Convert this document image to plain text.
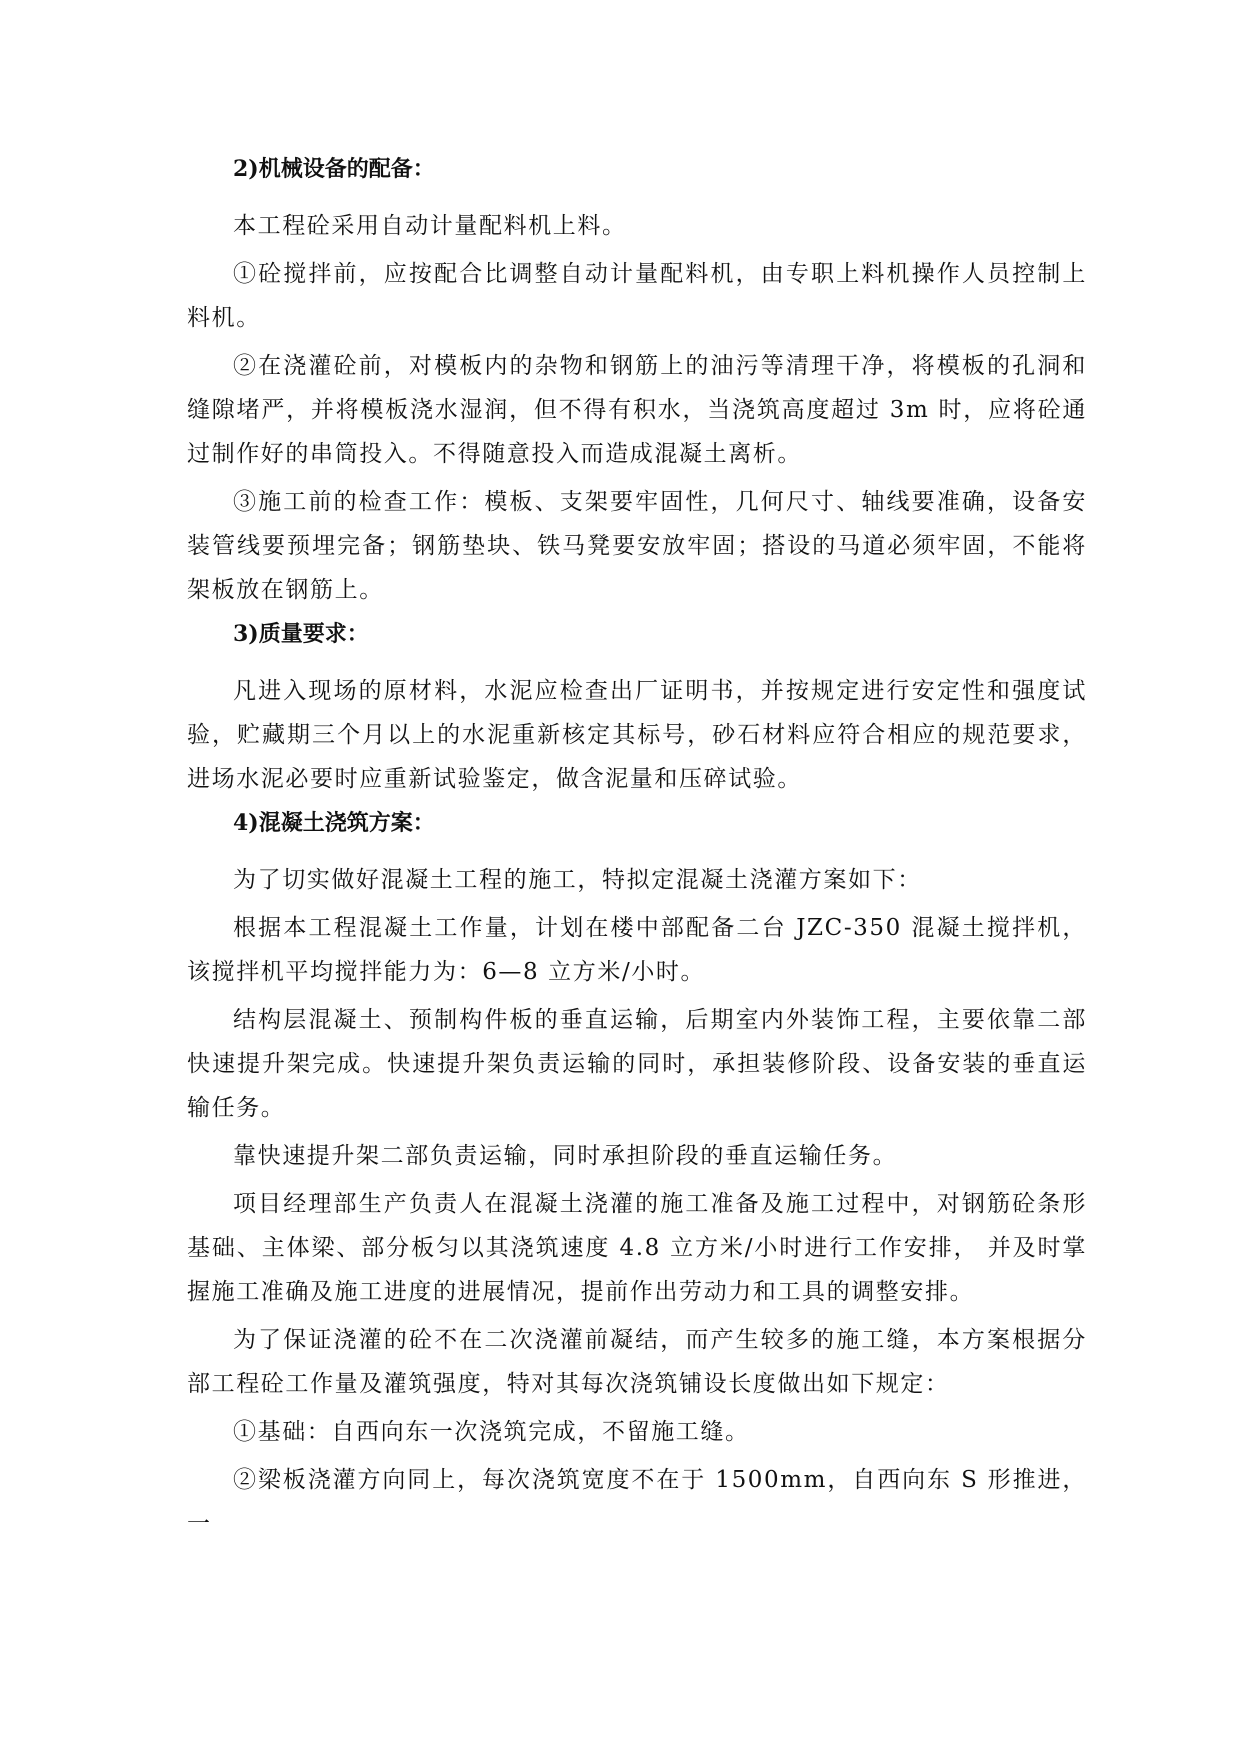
2)机械设备的配备：

本工程砼采用自动计量配料机上料。

①砼搅拌前，应按配合比调整自动计量配料机，由专职上料机操作人员控制上料机。

②在浇灌砼前，对模板内的杂物和钢筋上的油污等清理干净，将模板的孔洞和缝隙堵严，并将模板浇水湿润，但不得有积水，当浇筑高度超过 3m 时，应将砼通过制作好的串筒投入。不得随意投入而造成混凝土离析。

③施工前的检查工作：模板、支架要牢固性，几何尺寸、轴线要准确，设备安装管线要预埋完备；钢筋垫块、铁马凳要安放牢固；搭设的马道必须牢固，不能将架板放在钢筋上。

3)质量要求：

凡进入现场的原材料，水泥应检查出厂证明书，并按规定进行安定性和强度试验，贮藏期三个月以上的水泥重新核定其标号，砂石材料应符合相应的规范要求，进场水泥必要时应重新试验鉴定，做含泥量和压碎试验。

4)混凝土浇筑方案：

为了切实做好混凝土工程的施工，特拟定混凝土浇灌方案如下：

根据本工程混凝土工作量，计划在楼中部配备二台 JZC-350 混凝土搅拌机，该搅拌机平均搅拌能力为：6—8 立方米/小时。

结构层混凝土、预制构件板的垂直运输，后期室内外装饰工程，主要依靠二部快速提升架完成。快速提升架负责运输的同时，承担装修阶段、设备安装的垂直运输任务。

靠快速提升架二部负责运输，同时承担阶段的垂直运输任务。

项目经理部生产负责人在混凝土浇灌的施工准备及施工过程中，对钢筋砼条形基础、主体梁、部分板匀以其浇筑速度 4.8 立方米/小时进行工作安排， 并及时掌握施工准确及施工进度的进展情况，提前作出劳动力和工具的调整安排。

为了保证浇灌的砼不在二次浇灌前凝结，而产生较多的施工缝，本方案根据分部工程砼工作量及灌筑强度，特对其每次浇筑铺设长度做出如下规定：

①基础：自西向东一次浇筑完成，不留施工缝。

②梁板浇灌方向同上，每次浇筑宽度不在于 1500mm，自西向东 S 形推进，一
